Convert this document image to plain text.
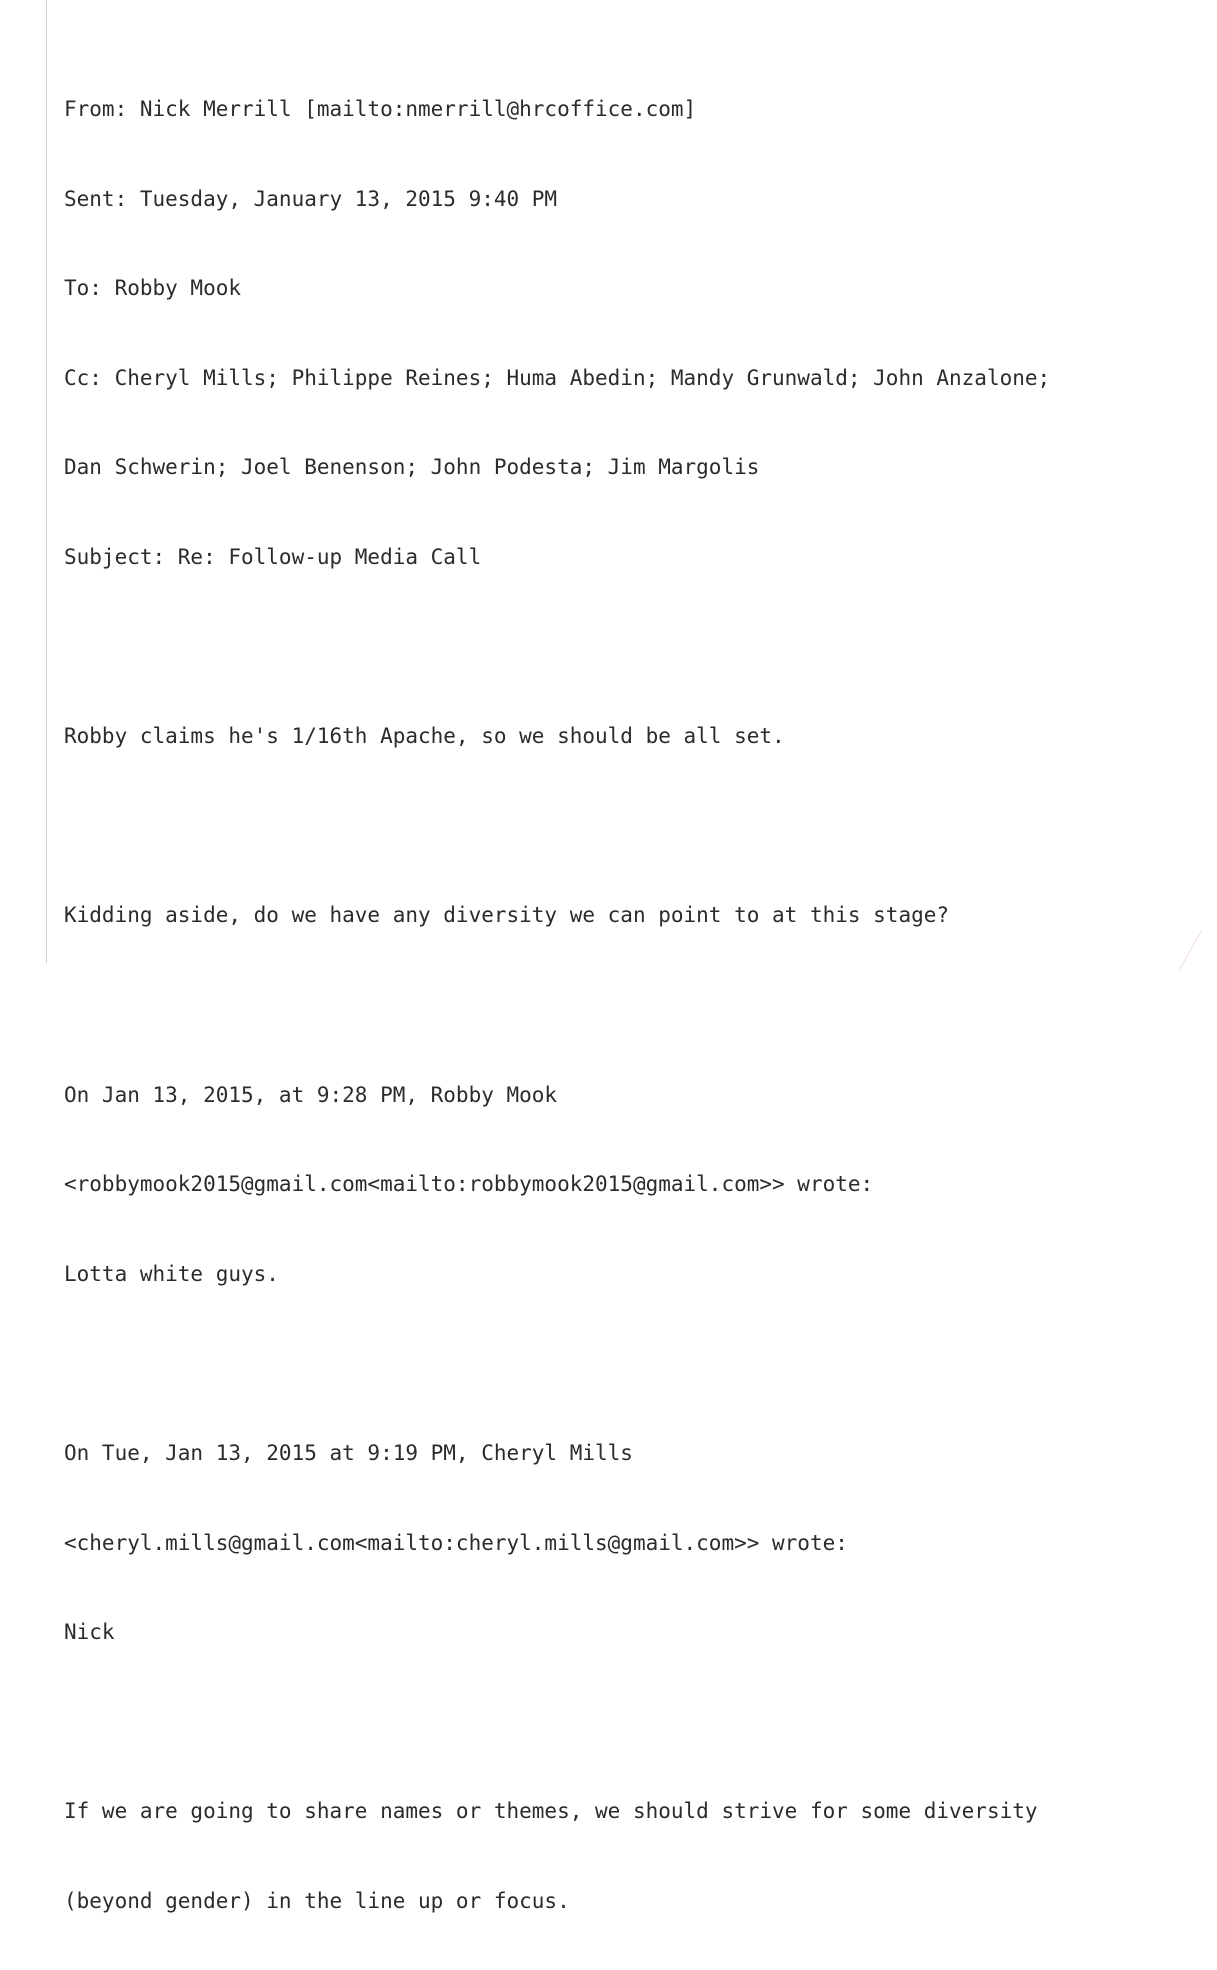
From: Nick Merrill [mailto:nmerrill@hrcoffice.com]

Sent: Tuesday, January 13, 2015 9:40 PM

To: Robby Mook

Cc: Cheryl Mills; Philippe Reines; Huma Abedin; Mandy Grunwald; John Anzalone;

Dan Schwerin; Joel Benenson; John Podesta; Jim Margolis

Subject: Re: Follow-up Media Call

Robby claims he's 1/16th Apache, so we should be all set.

Kidding aside, do we have any diversity we can point to at this stage?

On Jan 13, 2015, at 9:28 PM, Robby Mook

<robbymook2015@gmail.com<mailto:robbymook2015@gmail.com>> wrote:

Lotta white guys.

On Tue, Jan 13, 2015 at 9:19 PM, Cheryl Mills

<cheryl.mills@gmail.com<mailto:cheryl.mills@gmail.com>> wrote:

Nick

If we are going to share names or themes, we should strive for some diversity

(beyond gender) in the line up or focus.
